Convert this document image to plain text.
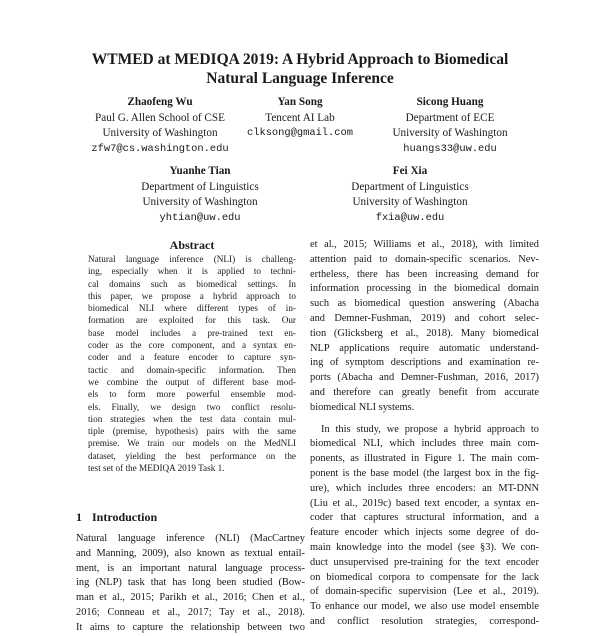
WTMED at MEDIQA 2019: A Hybrid Approach to Biomedical
Natural Language Inference
Zhaofeng Wu
Paul G. Allen School of CSE
University of Washington
zfw7@cs.washington.edu
Yan Song
Tencent AI Lab
clksong@gmail.com
Sicong Huang
Department of ECE
University of Washington
huangs33@uw.edu
Yuanhe Tian
Department of Linguistics
University of Washington
yhtian@uw.edu
Fei Xia
Department of Linguistics
University of Washington
fxia@uw.edu
Abstract
Natural language inference (NLI) is challeng-
ing, especially when it is applied to techni-
cal domains such as biomedical settings. In
this paper, we propose a hybrid approach to
biomedical NLI where different types of in-
formation are exploited for this task. Our
base model includes a pre-trained text en-
coder as the core component, and a syntax en-
coder and a feature encoder to capture syn-
tactic and domain-specific information. Then
we combine the output of different base mod-
els to form more powerful ensemble mod-
els. Finally, we design two conflict resolu-
tion strategies when the test data contain mul-
tiple (premise, hypothesis) pairs with the same
premise. We train our models on the MedNLI
dataset, yielding the best performance on the
test set of the MEDIQA 2019 Task 1.
1 Introduction
Natural language inference (NLI) (MacCartney
and Manning, 2009), also known as textual entail-
ment, is an important natural language process-
ing (NLP) task that has long been studied (Bow-
man et al., 2015; Parikh et al., 2016; Chen et al.,
2016; Conneau et al., 2017; Tay et al., 2018).
It aims to capture the relationship between two
et al., 2015; Williams et al., 2018), with limited
attention paid to domain-specific scenarios. Nev-
ertheless, there has been increasing demand for
information processing in the biomedical domain
such as biomedical question answering (Abacha
and Demner-Fushman, 2019) and cohort selec-
tion (Glicksberg et al., 2018). Many biomedical
NLP applications require automatic understand-
ing of symptom descriptions and examination re-
ports (Abacha and Demner-Fushman, 2016, 2017)
and therefore can greatly benefit from accurate
biomedical NLI systems.
In this study, we propose a hybrid approach to
biomedical NLI, which includes three main com-
ponents, as illustrated in Figure 1. The main com-
ponent is the base model (the largest box in the fig-
ure), which includes three encoders: an MT-DNN
(Liu et al., 2019c) based text encoder, a syntax en-
coder that captures structural information, and a
feature encoder which injects some degree of do-
main knowledge into the model (see §3). We con-
duct unsupervised pre-training for the text encoder
on biomedical corpora to compensate for the lack
of domain-specific supervision (Lee et al., 2019).
To enhance our model, we also use model ensemble
and conflict resolution strategies, correspond-
